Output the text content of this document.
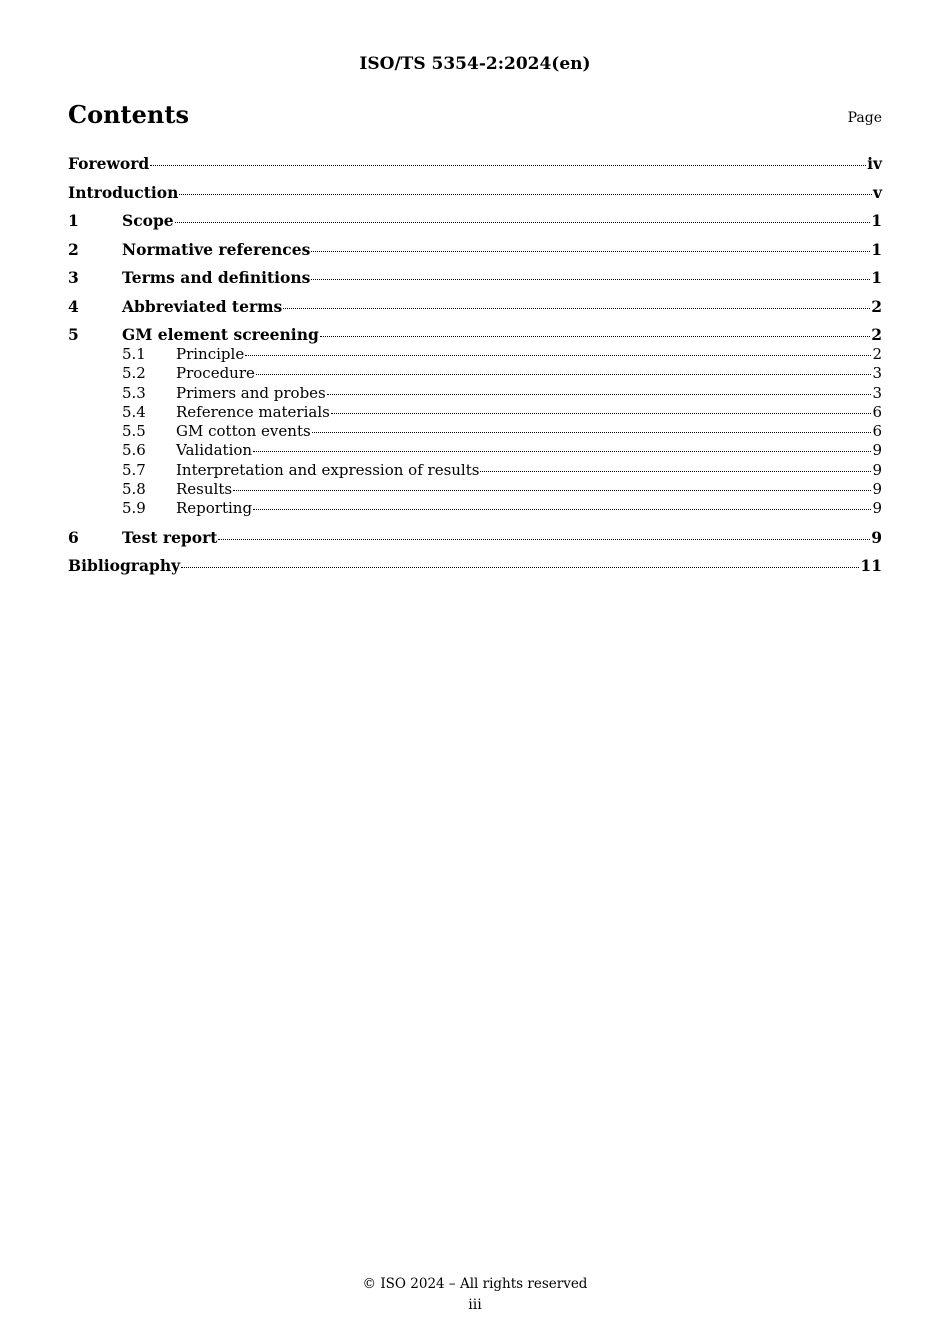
ISO/TS 5354-2:2024(en)
Contents	Page
Foreword	iv
Introduction	v
1	Scope	1
2	Normative references	1
3	Terms and definitions	1
4	Abbreviated terms	2
5	GM element screening	2
5.1	Principle	2
5.2	Procedure	3
5.3	Primers and probes	3
5.4	Reference materials	6
5.5	GM cotton events	6
5.6	Validation	9
5.7	Interpretation and expression of results	9
5.8	Results	9
5.9	Reporting	9
6	Test report	9
Bibliography	11
© ISO 2024 – All rights reserved
iii
